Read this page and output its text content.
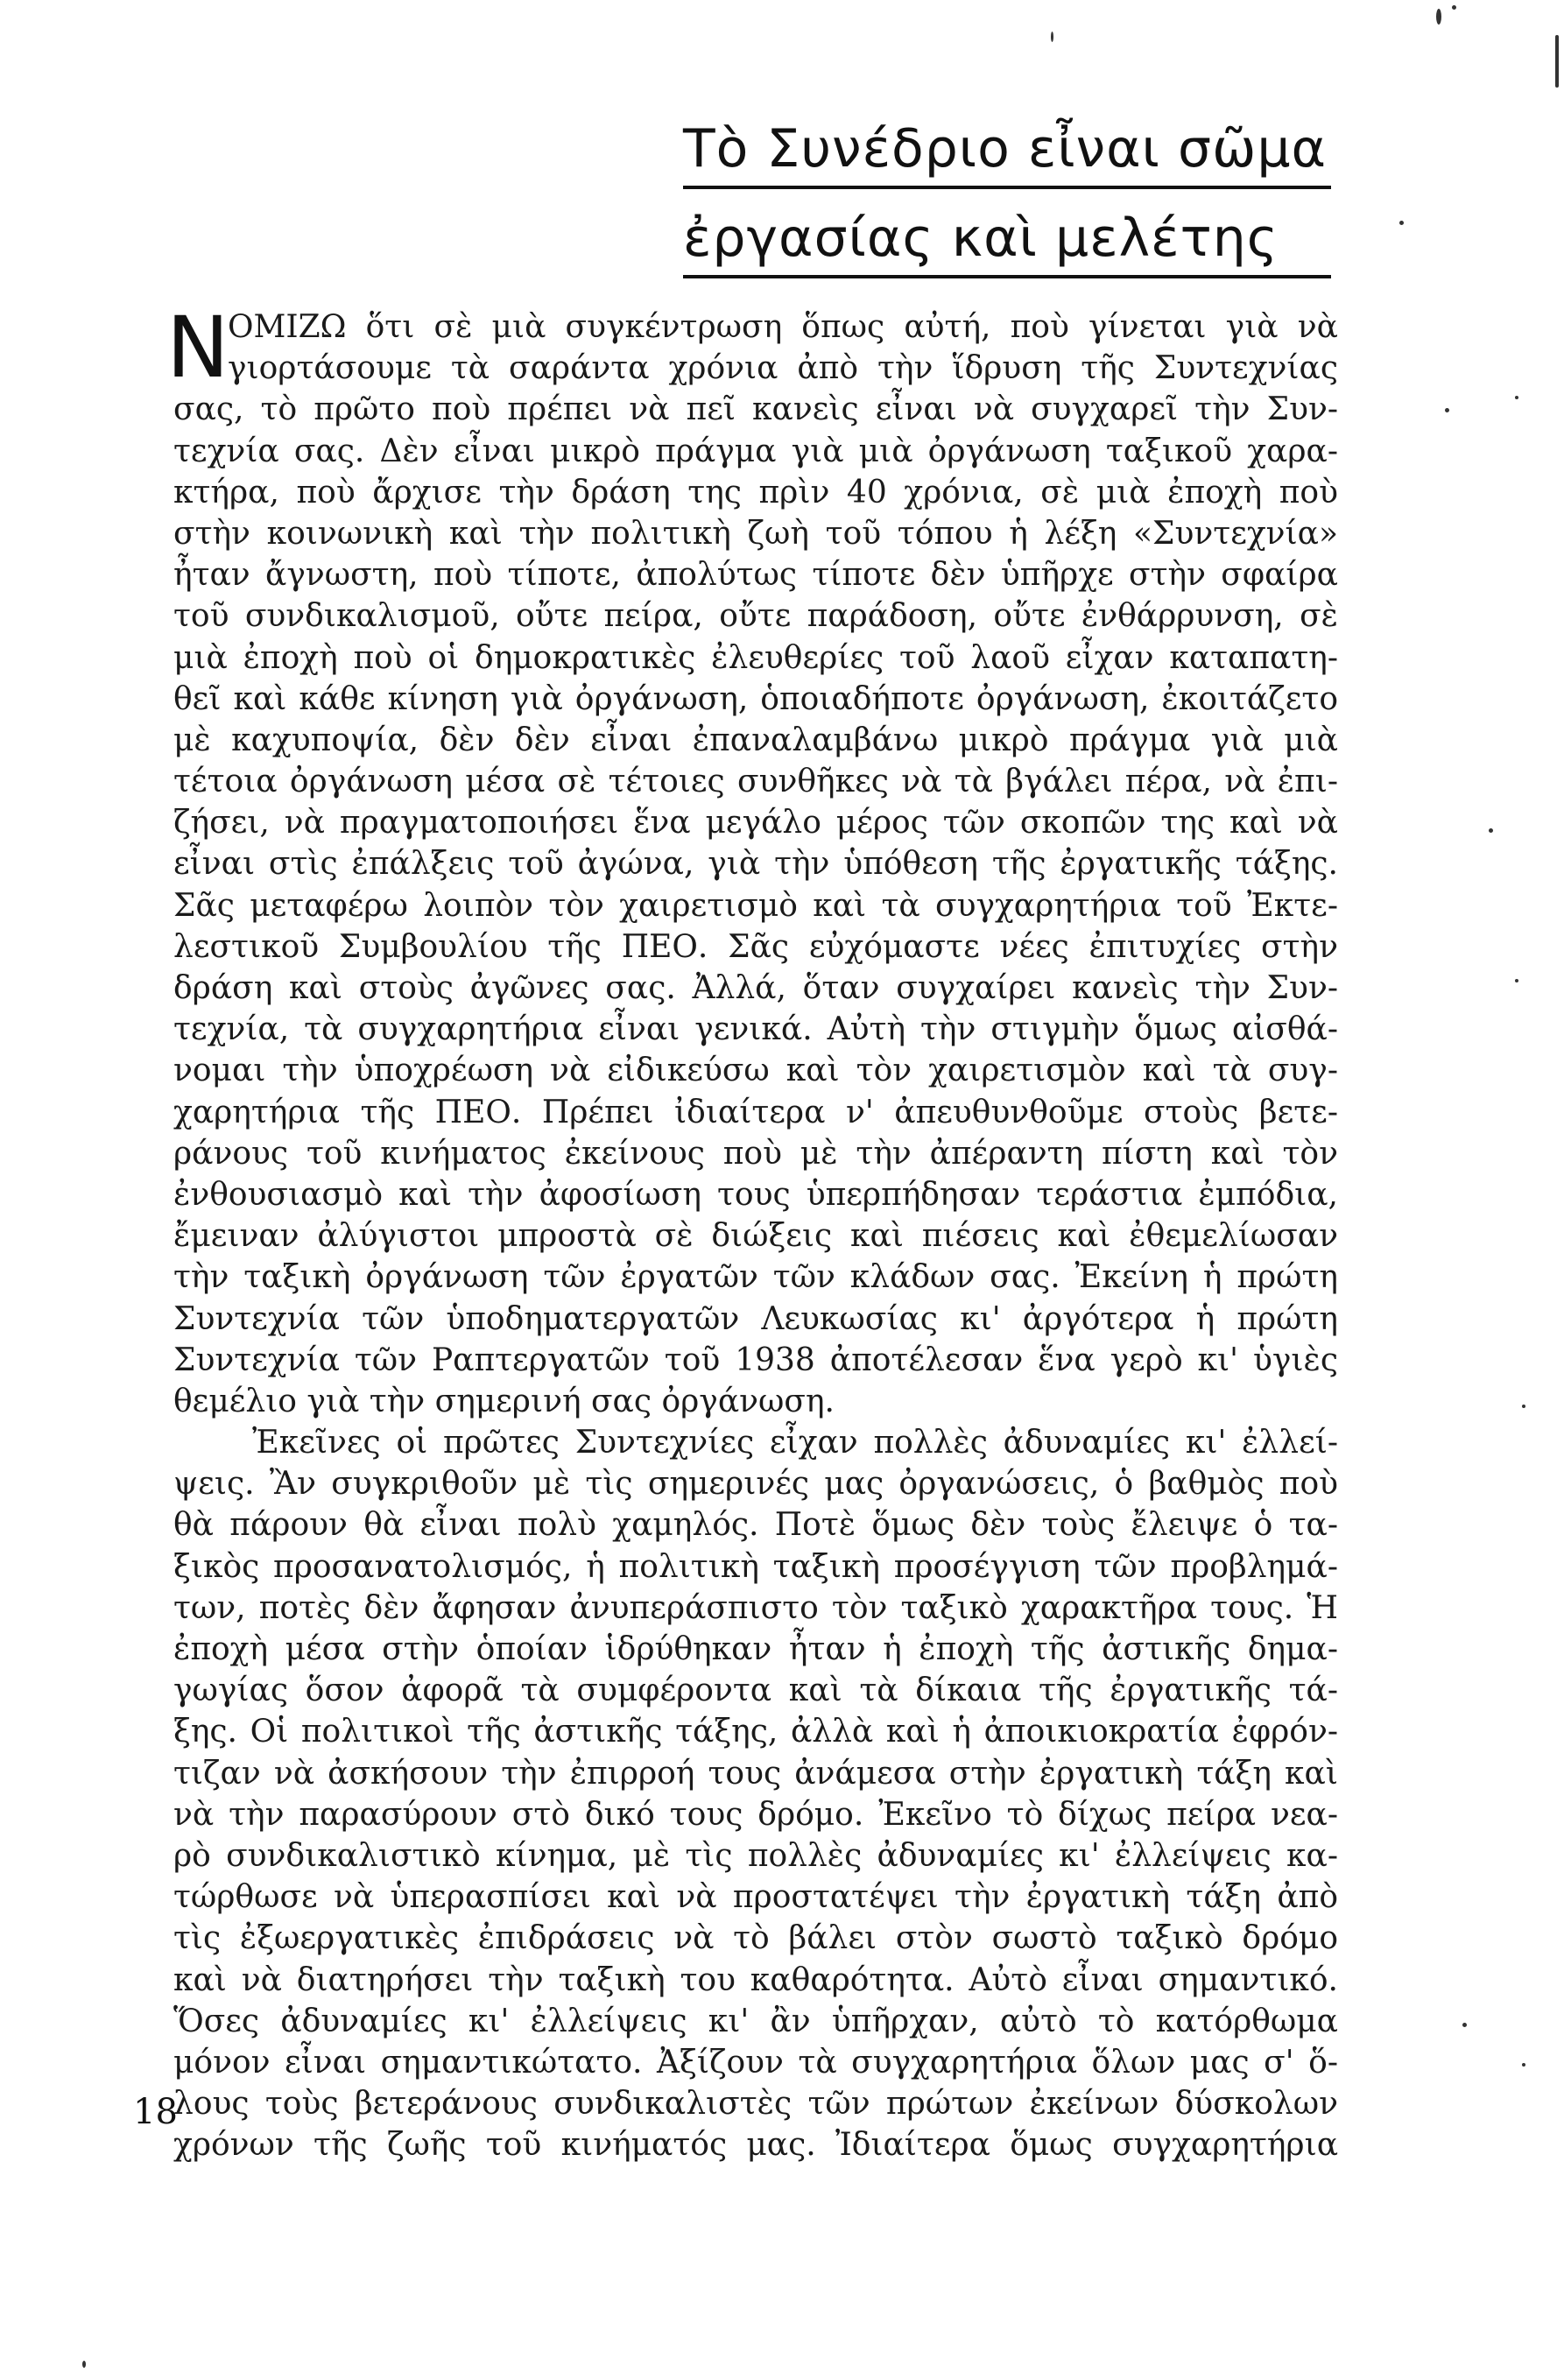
Τὸ Συνέδριο εἶναι σῶμα
ἐργασίας καὶ μελέτης
N
ΟΜΙΖΩ ὅτι σὲ μιὰ συγκέντρωση ὅπως αὐτή, ποὺ γίνεται γιὰ νὰ
γιορτάσουμε τὰ σαράντα χρόνια ἀπὸ τὴν ἵδρυση τῆς Συντεχνίας
σας, τὸ πρῶτο ποὺ πρέπει νὰ πεῖ κανεὶς εἶναι νὰ συγχαρεῖ τὴν Συν-
τεχνία σας. Δὲν εἶναι μικρὸ πράγμα γιὰ μιὰ ὀργάνωση ταξικοῦ χαρα-
κτήρα, ποὺ ἄρχισε τὴν δράση της πρὶν 40 χρόνια, σὲ μιὰ ἐποχὴ ποὺ
στὴν κοινωνικὴ καὶ τὴν πολιτικὴ ζωὴ τοῦ τόπου ἡ λέξη «Συντεχνία»
ἦταν ἄγνωστη, ποὺ τίποτε, ἀπολύτως τίποτε δὲν ὑπῆρχε στὴν σφαίρα
τοῦ συνδικαλισμοῦ, οὔτε πείρα, οὔτε παράδοση, οὔτε ἐνθάρρυνση, σὲ
μιὰ ἐποχὴ ποὺ οἱ δημοκρατικὲς ἐλευθερίες τοῦ λαοῦ εἶχαν καταπατη-
θεῖ καὶ κάθε κίνηση γιὰ ὀργάνωση, ὁποιαδήποτε ὀργάνωση, ἐκοιτάζετο
μὲ καχυποψία, δὲν δὲν εἶναι ἐπαναλαμβάνω μικρὸ πράγμα γιὰ μιὰ
τέτοια ὀργάνωση μέσα σὲ τέτοιες συνθῆκες νὰ τὰ βγάλει πέρα, νὰ ἐπι-
ζήσει, νὰ πραγματοποιήσει ἕνα μεγάλο μέρος τῶν σκοπῶν της καὶ νὰ
εἶναι στὶς ἐπάλξεις τοῦ ἀγώνα, γιὰ τὴν ὑπόθεση τῆς ἐργατικῆς τάξης.
Σᾶς μεταφέρω λοιπὸν τὸν χαιρετισμὸ καὶ τὰ συγχαρητήρια τοῦ Ἐκτε-
λεστικοῦ Συμβουλίου τῆς ΠΕΟ. Σᾶς εὐχόμαστε νέες ἐπιτυχίες στὴν
δράση καὶ στοὺς ἀγῶνες σας. Ἀλλά, ὅταν συγχαίρει κανεὶς τὴν Συν-
τεχνία, τὰ συγχαρητήρια εἶναι γενικά. Αὐτὴ τὴν στιγμὴν ὅμως αἰσθά-
νομαι τὴν ὑποχρέωση νὰ εἰδικεύσω καὶ τὸν χαιρετισμὸν καὶ τὰ συγ-
χαρητήρια τῆς ΠΕΟ. Πρέπει ἰδιαίτερα ν' ἀπευθυνθοῦμε στοὺς βετε-
ράνους τοῦ κινήματος ἐκείνους ποὺ μὲ τὴν ἀπέραντη πίστη καὶ τὸν
ἐνθουσιασμὸ καὶ τὴν ἀφοσίωση τους ὑπερπήδησαν τεράστια ἐμπόδια,
ἔμειναν ἀλύγιστοι μπροστὰ σὲ διώξεις καὶ πιέσεις καὶ ἐθεμελίωσαν
τὴν ταξικὴ ὀργάνωση τῶν ἐργατῶν τῶν κλάδων σας. Ἐκείνη ἡ πρώτη
Συντεχνία τῶν ὑποδηματεργατῶν Λευκωσίας κι' ἀργότερα ἡ πρώτη
Συντεχνία τῶν Ραπτεργατῶν τοῦ 1938 ἀποτέλεσαν ἕνα γερὸ κι' ὑγιὲς
θεμέλιο γιὰ τὴν σημερινή σας ὀργάνωση.
Ἐκεῖνες οἱ πρῶτες Συντεχνίες εἶχαν πολλὲς ἀδυναμίες κι' ἐλλεί-
ψεις. Ἂν συγκριθοῦν μὲ τὶς σημερινές μας ὀργανώσεις, ὁ βαθμὸς ποὺ
θὰ πάρουν θὰ εἶναι πολὺ χαμηλός. Ποτὲ ὅμως δὲν τοὺς ἔλειψε ὁ τα-
ξικὸς προσανατολισμός, ἡ πολιτικὴ ταξικὴ προσέγγιση τῶν προβλημά-
των, ποτὲς δὲν ἄφησαν ἀνυπεράσπιστο τὸν ταξικὸ χαρακτῆρα τους. Ἡ
ἐποχὴ μέσα στὴν ὁποίαν ἱδρύθηκαν ἦταν ἡ ἐποχὴ τῆς ἀστικῆς δημα-
γωγίας ὅσον ἀφορᾶ τὰ συμφέροντα καὶ τὰ δίκαια τῆς ἐργατικῆς τά-
ξης. Οἱ πολιτικοὶ τῆς ἀστικῆς τάξης, ἀλλὰ καὶ ἡ ἀποικιοκρατία ἐφρόν-
τιζαν νὰ ἀσκήσουν τὴν ἐπιρροή τους ἀνάμεσα στὴν ἐργατικὴ τάξη καὶ
νὰ τὴν παρασύρουν στὸ δικό τους δρόμο. Ἐκεῖνο τὸ δίχως πείρα νεα-
ρὸ συνδικαλιστικὸ κίνημα, μὲ τὶς πολλὲς ἀδυναμίες κι' ἐλλείψεις κα-
τώρθωσε νὰ ὑπερασπίσει καὶ νὰ προστατέψει τὴν ἐργατικὴ τάξη ἀπὸ
τὶς ἐξωεργατικὲς ἐπιδράσεις νὰ τὸ βάλει στὸν σωστὸ ταξικὸ δρόμο
καὶ νὰ διατηρήσει τὴν ταξικὴ του καθαρότητα. Αὐτὸ εἶναι σημαντικό.
Ὅσες ἀδυναμίες κι' ἐλλείψεις κι' ἂν ὑπῆρχαν, αὐτὸ τὸ κατόρθωμα
μόνον εἶναι σημαντικώτατο. Ἀξίζουν τὰ συγχαρητήρια ὅλων μας σ' ὅ-
λους τοὺς βετεράνους συνδικαλιστὲς τῶν πρώτων ἐκείνων δύσκολων
χρόνων τῆς ζωῆς τοῦ κινήματός μας. Ἰδιαίτερα ὅμως συγχαρητήρια
18
